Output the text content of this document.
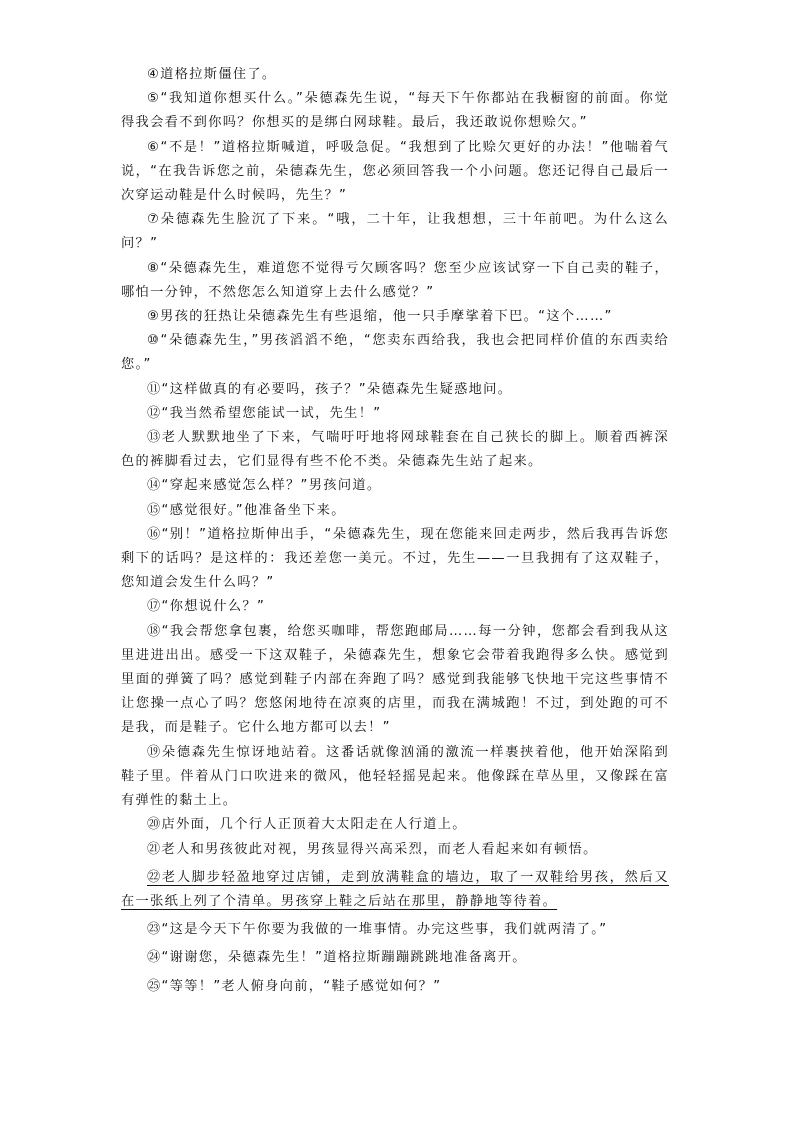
④道格拉斯僵住了。

⑤“我知道你想买什么。”朵德森先生说，“每天下午你都站在我橱窗的前面。你觉得我会看不到你吗？你想买的是绑白网球鞋。最后，我还敢说你想赊欠。”

⑥“不是！”道格拉斯喊道，呼吸急促。“我想到了比赊欠更好的办法！”他喘着气说，“在我告诉您之前，朵德森先生，您必须回答我一个小问题。您还记得自己最后一次穿运动鞋是什么时候吗，先生？”

⑦朵德森先生脸沉了下来。“哦，二十年，让我想想，三十年前吧。为什么这么问？”

⑧“朵德森先生，难道您不觉得亏欠顾客吗？您至少应该试穿一下自己卖的鞋子，哪怕一分钟，不然您怎么知道穿上去什么感觉？”

⑨男孩的狂热让朵德森先生有些退缩，他一只手摩挲着下巴。“这个……”

⑩“朵德森先生，”男孩滔滔不绝，“您卖东西给我，我也会把同样价值的东西卖给您。”

⑪“这样做真的有必要吗，孩子？”朵德森先生疑惑地问。

⑫“我当然希望您能试一试，先生！”

⑬老人默默地坐了下来，气喘吁吁地将网球鞋套在自己狭长的脚上。顺着西裤深色的裤脚看过去，它们显得有些不伦不类。朵德森先生站了起来。

⑭“穿起来感觉怎么样？”男孩问道。

⑮“感觉很好。”他准备坐下来。

⑯“别！”道格拉斯伸出手，“朵德森先生，现在您能来回走两步，然后我再告诉您剩下的话吗？是这样的：我还差您一美元。不过，先生——一旦我拥有了这双鞋子，您知道会发生什么吗？”

⑰“你想说什么？”

⑱“我会帮您拿包裹，给您买咖啡，帮您跑邮局……每一分钟，您都会看到我从这里进进出出。感受一下这双鞋子，朵德森先生，想象它会带着我跑得多么快。感觉到里面的弹簧了吗？感觉到鞋子内部在奔跑了吗？感觉到我能够飞快地干完这些事情不让您操一点心了吗？您悠闲地待在凉爽的店里，而我在满城跑！不过，到处跑的可不是我，而是鞋子。它什么地方都可以去！”

⑲朵德森先生惊讶地站着。这番话就像汹涌的激流一样裹挟着他，他开始深陷到鞋子里。伴着从门口吹进来的微风，他轻轻摇晃起来。他像踩在草丛里，又像踩在富有弹性的黏土上。

⑳店外面，几个行人正顶着大太阳走在人行道上。

㉑老人和男孩彼此对视，男孩显得兴高采烈，而老人看起来如有顿悟。

㉒老人脚步轻盈地穿过店铺，走到放满鞋盒的墙边，取了一双鞋给男孩，然后又在一张纸上列了个清单。男孩穿上鞋之后站在那里，静静地等待着。

㉓“这是今天下午你要为我做的一堆事情。办完这些事，我们就两清了。”

㉔“谢谢您，朵德森先生！”道格拉斯蹦蹦跳跳地准备离开。

㉕“等等！”老人俯身向前，“鞋子感觉如何？”
